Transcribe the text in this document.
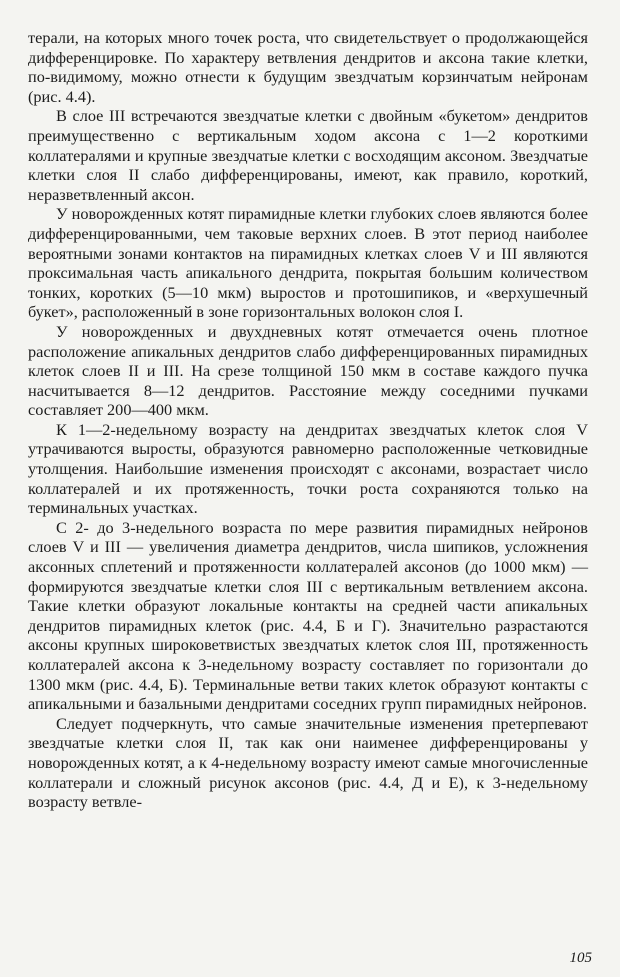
терали, на которых много точек роста, что свидетельствует о продолжающейся дифференцировке. По характеру ветвления дендритов и аксона такие клетки, по-видимому, можно отнести к будущим звездчатым корзинчатым нейронам (рис. 4.4).

В слое III встречаются звездчатые клетки с двойным «букетом» дендритов преимущественно с вертикальным ходом аксона с 1—2 короткими коллатералями и крупные звездчатые клетки с восходящим аксоном. Звездчатые клетки слоя II слабо дифференцированы, имеют, как правило, короткий, неразветвленный аксон.

У новорожденных котят пирамидные клетки глубоких слоев являются более дифференцированными, чем таковые верхних слоев. В этот период наиболее вероятными зонами контактов на пирамидных клетках слоев V и III являются проксимальная часть апикального дендрита, покрытая большим количеством тонких, коротких (5—10 мкм) выростов и протошипиков, и «верхушечный букет», расположенный в зоне горизонтальных волокон слоя I.

У новорожденных и двухдневных котят отмечается очень плотное расположение апикальных дендритов слабо дифференцированных пирамидных клеток слоев II и III. На срезе толщиной 150 мкм в составе каждого пучка насчитывается 8—12 дендритов. Расстояние между соседними пучками составляет 200—400 мкм.

К 1—2-недельному возрасту на дендритах звездчатых клеток слоя V утрачиваются выросты, образуются равномерно расположенные четковидные утолщения. Наибольшие изменения происходят с аксонами, возрастает число коллатералей и их протяженность, точки роста сохраняются только на терминальных участках.

С 2- до 3-недельного возраста по мере развития пирамидных нейронов слоев V и III — увеличения диаметра дендритов, числа шипиков, усложнения аксонных сплетений и протяженности коллатералей аксонов (до 1000 мкм) — формируются звездчатые клетки слоя III с вертикальным ветвлением аксона. Такие клетки образуют локальные контакты на средней части апикальных дендритов пирамидных клеток (рис. 4.4, Б и Г). Значительно разрастаются аксоны крупных широковетвистых звездчатых клеток слоя III, протяженность коллатералей аксона к 3-недельному возрасту составляет по горизонтали до 1300 мкм (рис. 4.4, Б). Терминальные ветви таких клеток образуют контакты с апикальными и базальными дендритами соседних групп пирамидных нейронов.

Следует подчеркнуть, что самые значительные изменения претерпевают звездчатые клетки слоя II, так как они наименее дифференцированы у новорожденных котят, а к 4-недельному возрасту имеют самые многочисленные коллатерали и сложный рисунок аксонов (рис. 4.4, Д и Е), к 3-недельному возрасту ветвле-

105
